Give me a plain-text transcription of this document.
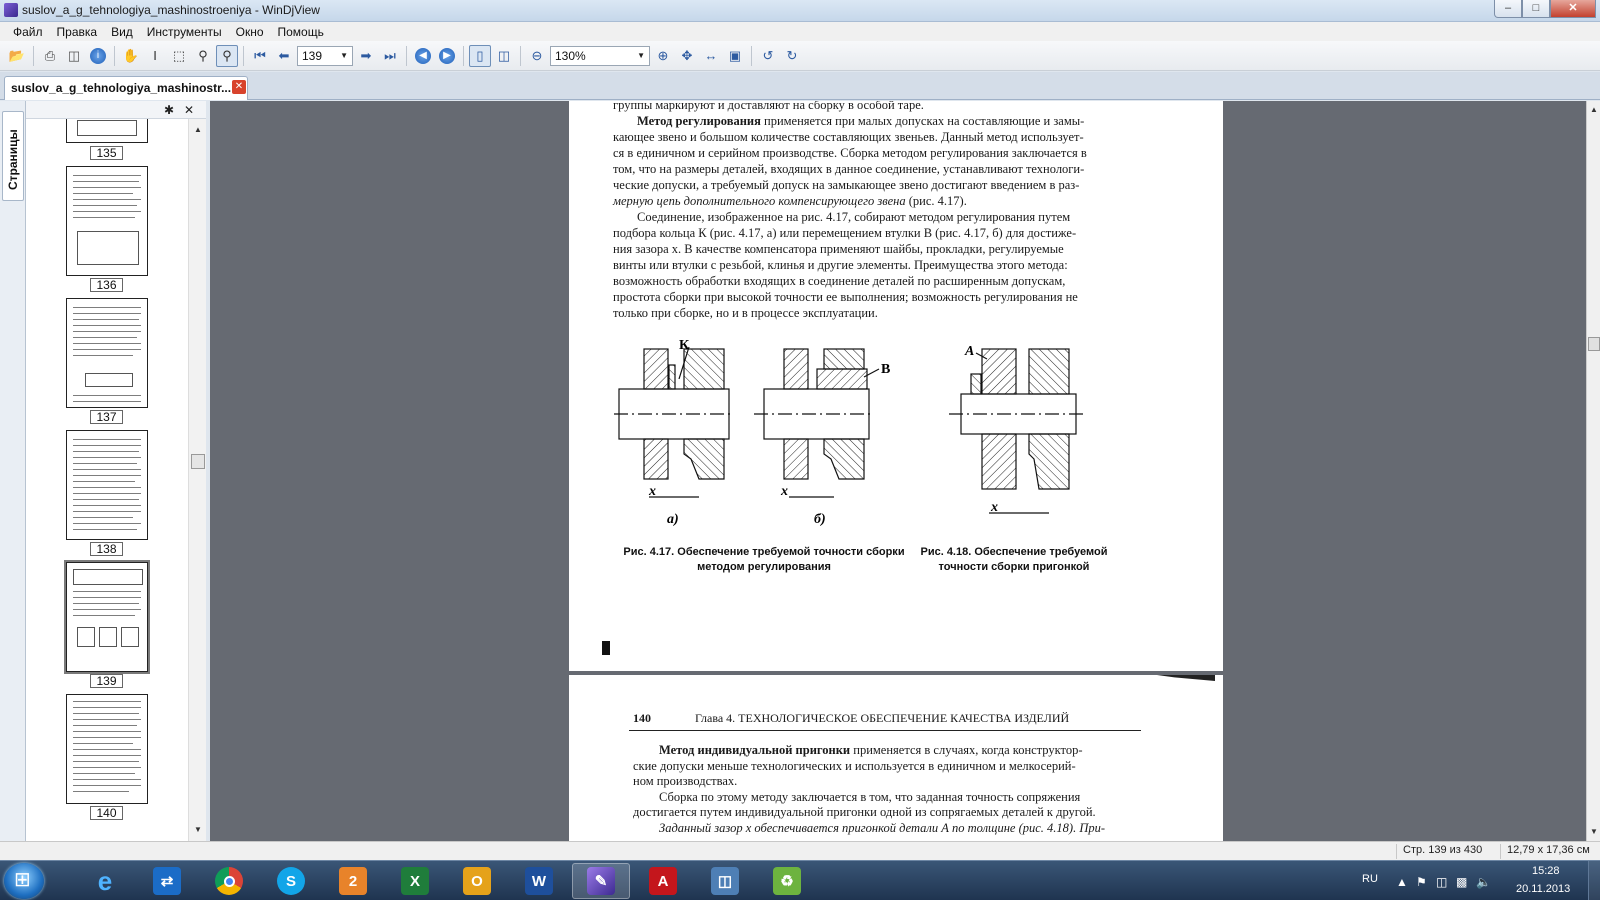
suslov_a_g_tehnologiya_mashinostroeniya - WinDjView	–	□	✕
Файл	Правка	Вид	Инструменты	Окно	Помощь
📂	⎙ ◫	i	✋	I	⬚	⚲	⚲	⏮ ⬅	139 ▼ ➡ ⏭	◀	▶	▯	◫	⊖	130%	▼ ⊕	✥ ↔ ▣	↺	↻
suslov_a_g_tehnologiya_mashinostr... ✕
Страницы
✱ ✕
135
136
137
138
139
140
▲
▼
группы маркируют и доставляют на сборку в особой таре.
Метод регулирования применяется при малых допусках на составляющие и замы-
кающее звено и большом количестве составляющих звеньев. Данный метод использует-
ся в единичном и серийном производстве. Сборка методом регулирования заключается в
том, что на размеры деталей, входящих в данное соединение, устанавливают технологи-
ческие допуски, а требуемый допуск на замыкающее звено достигают введением в раз-
мерную цепь дополнительного компенсирующего звена (рис. 4.17).
Соединение, изображенное на рис. 4.17, собирают методом регулирования путем
подбора кольца К (рис. 4.17, а) или перемещением втулки В (рис. 4.17, б) для достиже-
ния зазора x. В качестве компенсатора применяют шайбы, прокладки, регулируемые
винты или втулки с резьбой, клинья и другие элементы. Преимущества этого метода:
возможность обработки входящих в соединение деталей по расширенным допускам,
простота сборки при высокой точности ее выполнения; возможность регулирования не
только при сборке, но и в процессе эксплуатации.
К
В
А
x	x
x
а)	б)
Рис. 4.17. Обеспечение требуемой точности сборки
методом регулирования
Рис. 4.18. Обеспечение требуемой
точности сборки пригонкой
140	Глава 4. ТЕХНОЛОГИЧЕСКОЕ ОБЕСПЕЧЕНИЕ КАЧЕСТВА ИЗДЕЛИЙ
Метод индивидуальной пригонки применяется в случаях, когда конструктор-
ские допуски меньше технологических и используется в единичном и мелкосерий-
ном производствах.
Сборка по этому методу заключается в том, что заданная точность сопряжения
достигается путем индивидуальной пригонки одной из сопрягаемых деталей к другой.
Заданный зазор x обеспечивается пригонкой детали А по толщине (рис. 4.18). При-
▲
▼
Стр. 139 из 430	12,79 x 17,36 см
⊞
e	⇄	S	2	X	O	W	✎	A	◫	♻	RU ▲ ⚑ ◫ ▩ 🔈
15:28
20.11.2013
